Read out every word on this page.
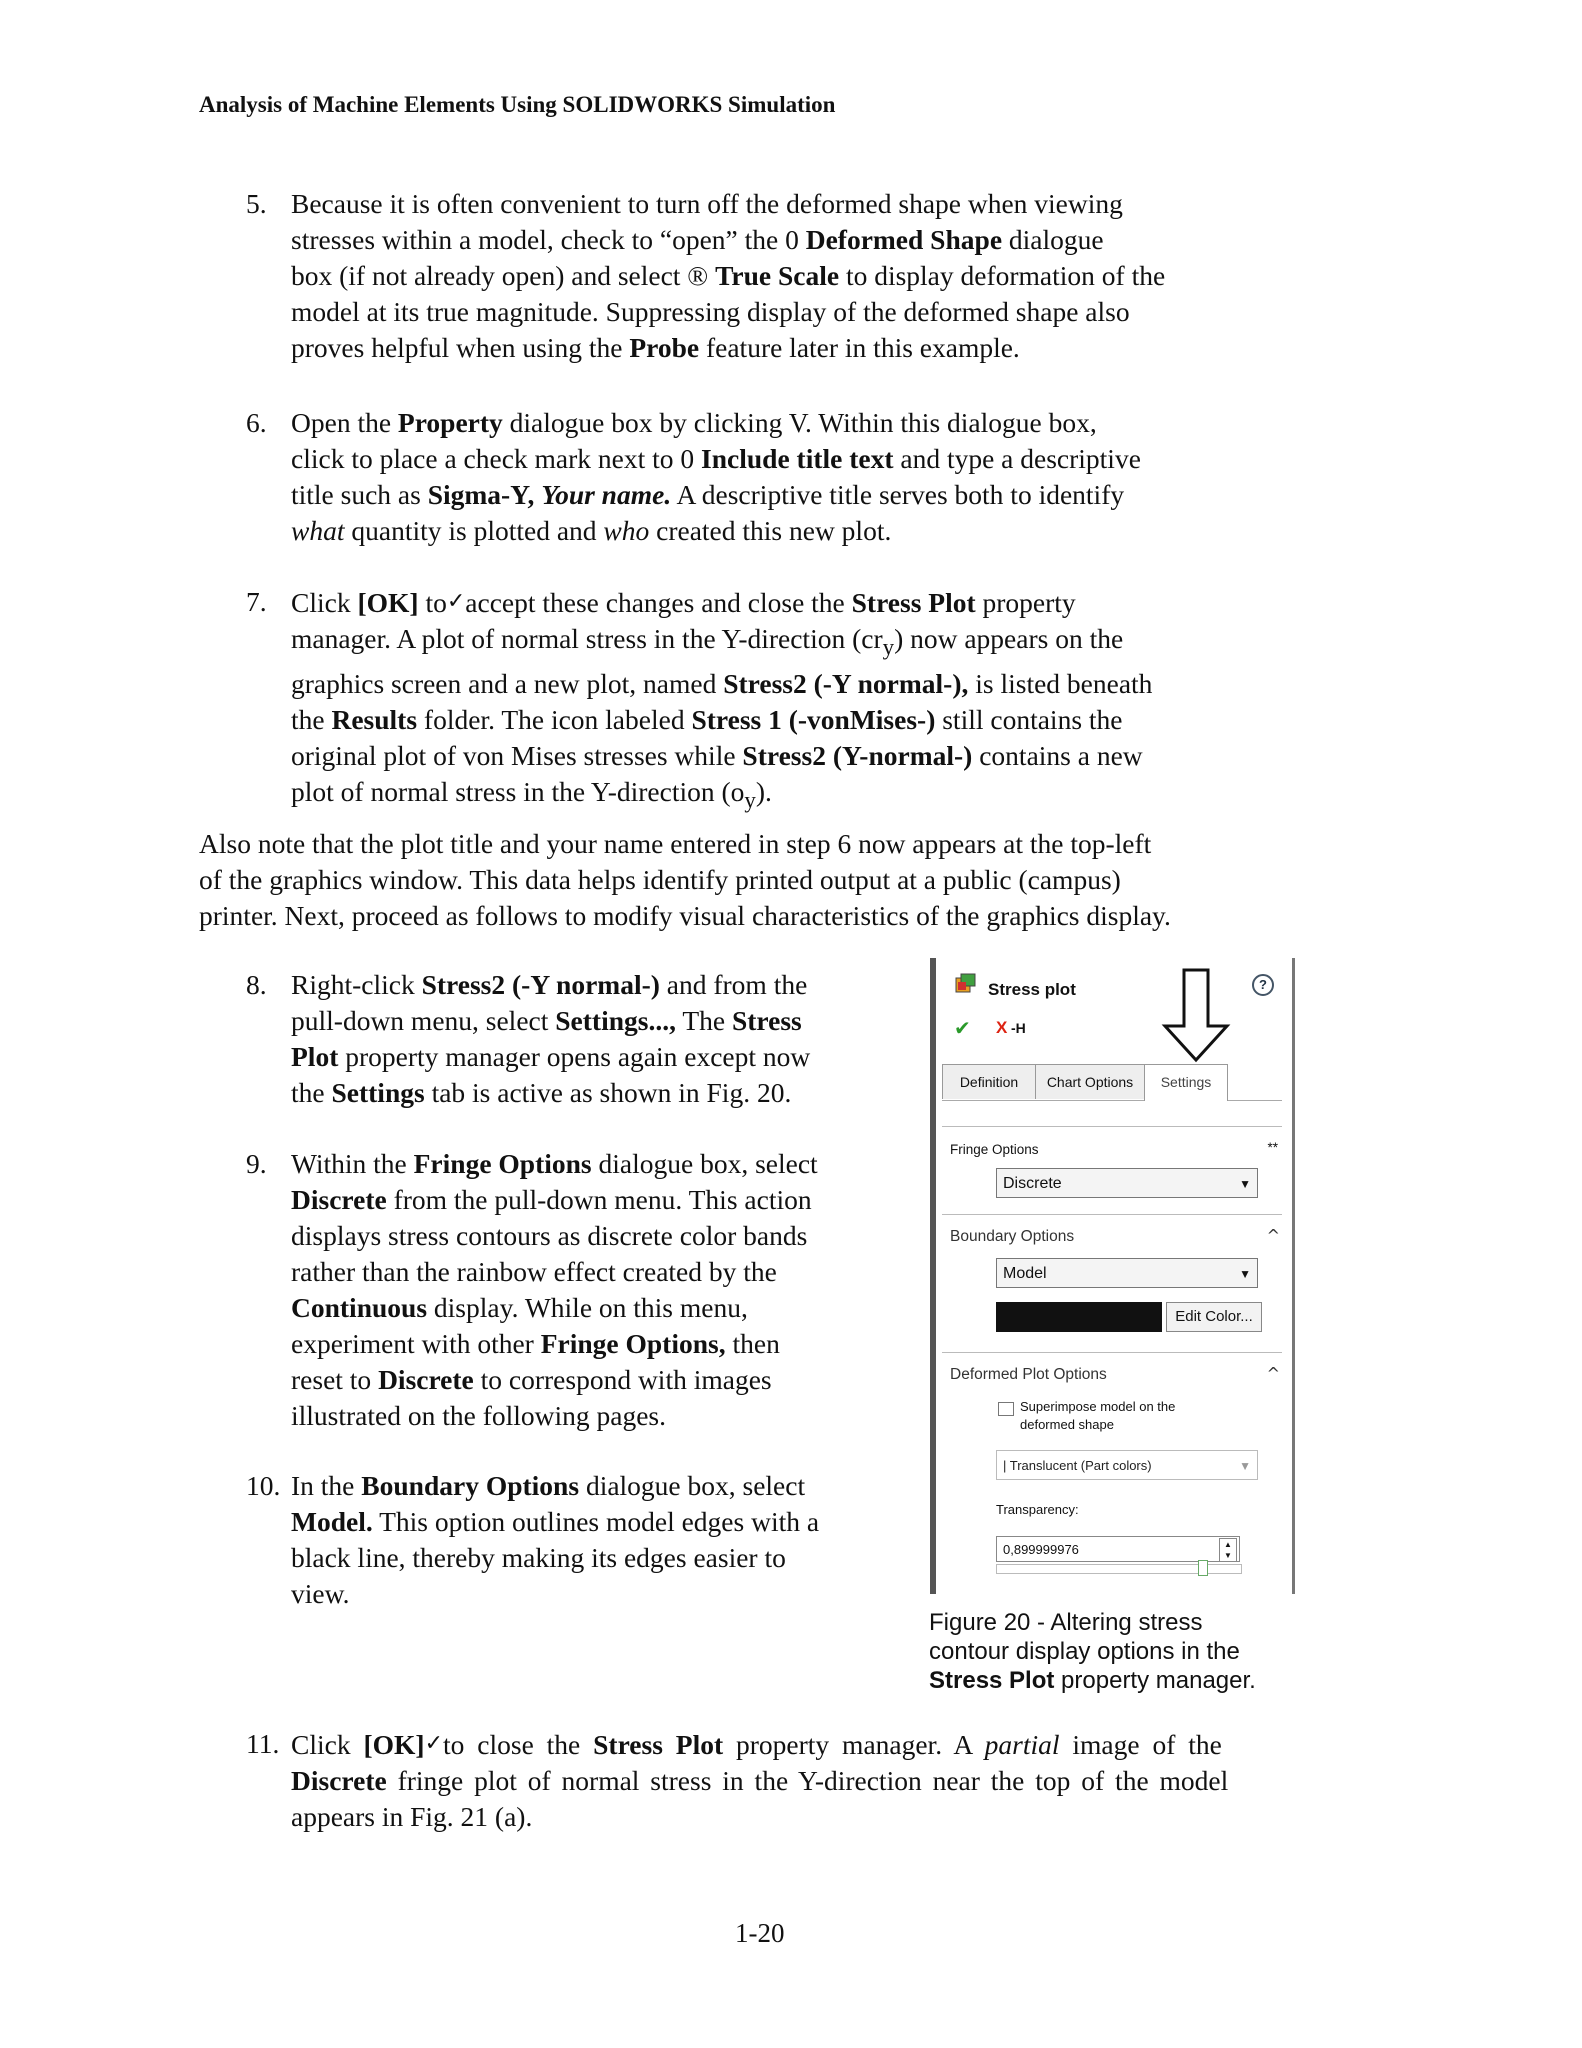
Analysis of Machine Elements Using SOLIDWORKS Simulation
5. Because it is often convenient to turn off the deformed shape when viewing

stresses within a model, check to “open” the 0 Deformed Shape dialogue

box (if not already open) and select ® True Scale to display deformation of the

model at its true magnitude. Suppressing display of the deformed shape also

proves helpful when using the Probe feature later in this example.

6. Open the Property dialogue box by clicking V. Within this dialogue box,

click to place a check mark next to 0 Include title text and type a descriptive

title such as Sigma-Y, Your name. A descriptive title serves both to identify

what quantity is plotted and who created this new plot.

7. Click [OK] to✓accept these changes and close the Stress Plot property

manager. A plot of normal stress in the Y-direction $(cr_y)$ now appears on the

graphics screen and a new plot, named Stress2 (-Y normal-), is listed beneath

the Results folder. The icon labeled Stress 1 (-vonMises-) still contains the

original plot of von Mises stresses while Stress2 (Y-normal-) contains a new

plot of normal stress in the Y-direction $(o_y)$.

Also note that the plot title and your name entered in step 6 now appears at the top-left

of the graphics window. This data helps identify printed output at a public (campus)

printer. Next, proceed as follows to modify visual characteristics of the graphics display.

8. Right-click Stress2 (-Y normal-) and from the

pull-down menu, select Settings..., The Stress

Plot property manager opens again except now

the Settings tab is active as shown in Fig. 20.

9. Within the Fringe Options dialogue box, select

Discrete from the pull-down menu. This action

displays stress contours as discrete color bands

rather than the rainbow effect created by the

Continuous display. While on this menu,

experiment with other Fringe Options, then

reset to Discrete to correspond with images

illustrated on the following pages.

10. In the Boundary Options dialogue box, select

Model. This option outlines model edges with a

black line, thereby making its edges easier to

view.

Stress plot	?
✔ X -H
Definition	Chart Options	Settings
Fringe Options	**
Discrete	▼
Boundary Options	^
Model	▼
Edit Color...
Deformed Plot Options	^
Superimpose model on the deformed shape
| Translucent (Part colors)	▼
Transparency:
0,899999976	▲
▼
Figure 20 - Altering stress
contour display options in the
Stress Plot property manager.
11. Click [OK]✓to close the Stress Plot property manager. A partial image of the

Discrete fringe plot of normal stress in the Y-direction near the top of the model

appears in Fig. 21 (a).

1-20
